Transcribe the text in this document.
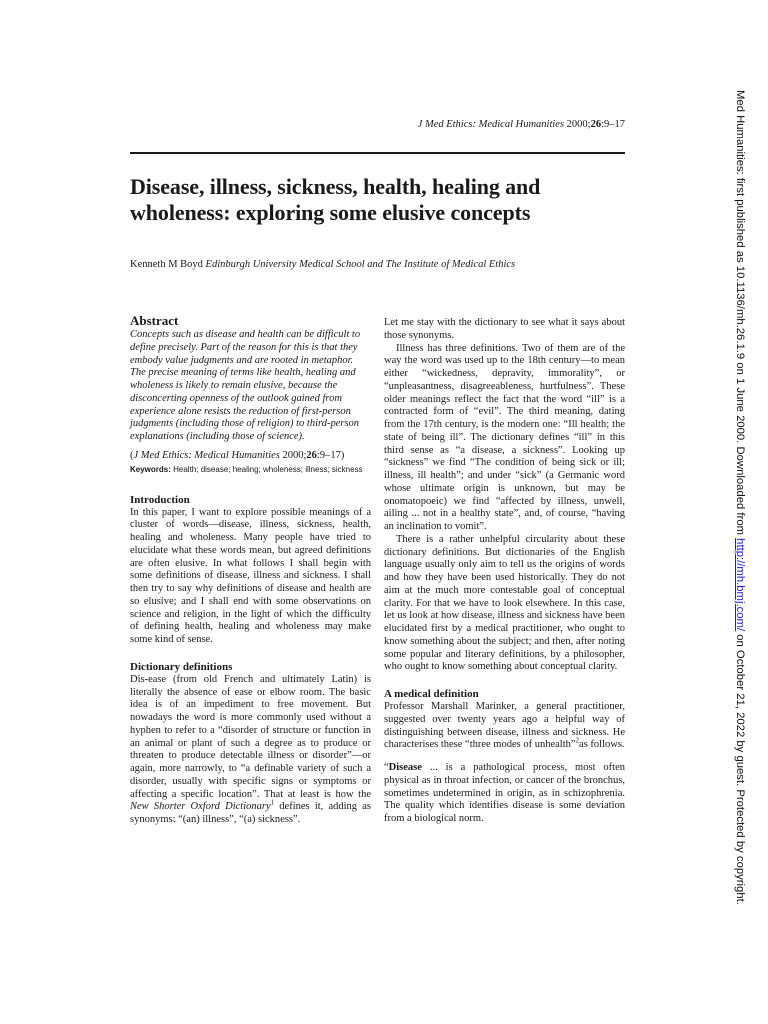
J Med Ethics: Medical Humanities 2000;26:9–17
Disease, illness, sickness, health, healing and wholeness: exploring some elusive concepts
Kenneth M Boyd Edinburgh University Medical School and The Institute of Medical Ethics
Abstract

Concepts such as disease and health can be difficult to define precisely. Part of the reason for this is that they embody value judgments and are rooted in metaphor. The precise meaning of terms like health, healing and wholeness is likely to remain elusive, because the disconcerting openness of the outlook gained from experience alone resists the reduction of first-person judgments (including those of religion) to third-person explanations (including those of science).

(J Med Ethics: Medical Humanities 2000;26:9–17)

Keywords: Health; disease; healing; wholeness; illness; sickness

Introduction

In this paper, I want to explore possible meanings of a cluster of words—disease, illness, sickness, health, healing and wholeness. Many people have tried to elucidate what these words mean, but agreed definitions are often elusive. In what follows I shall begin with some definitions of disease, illness and sickness. I shall then try to say why definitions of disease and health are so elusive; and I shall end with some observations on science and religion, in the light of which the difficulty of defining health, healing and wholeness may make some kind of sense.

Dictionary definitions

Dis-ease (from old French and ultimately Latin) is literally the absence of ease or elbow room. The basic idea is of an impediment to free movement. But nowadays the word is more commonly used without a hyphen to refer to a “disorder of structure or function in an animal or plant of such a degree as to produce or threaten to produce detectable illness or disorder”—or again, more narrowly, to “a definable variety of such a disorder, usually with specific signs or symptoms or affecting a specific location”. That at least is how the New Shorter Oxford Dictionary$^1$ defines it, adding as synonyms: “(an) illness”, “(a) sickness”.

Let me stay with the dictionary to see what it says about those synonyms.

Illness has three definitions. Two of them are of the way the word was used up to the 18th century—to mean either “wickedness, depravity, immorality”, or “unpleasantness, disagreeableness, hurtfulness”. These older meanings reflect the fact that the word “ill” is a contracted form of “evil”. The third meaning, dating from the 17th century, is the modern one: “Ill health; the state of being ill”. The dictionary defines “ill” in this third sense as “a disease, a sickness”. Looking up “sickness” we find “The condition of being sick or ill; illness, ill health”; and under “sick” (a Germanic word whose ultimate origin is unknown, but may be onomatopoeic) we find “affected by illness, unwell, ailing ... not in a healthy state”, and, of course, “having an inclination to vomit”.

There is a rather unhelpful circularity about these dictionary definitions. But dictionaries of the English language usually only aim to tell us the origins of words and how they have been used historically. They do not aim at the much more contestable goal of conceptual clarity. For that we have to look elsewhere. In this case, let us look at how disease, illness and sickness have been elucidated first by a medical practitioner, who ought to know something about the subject; and then, after noting some popular and literary definitions, by a philosopher, who ought to know something about conceptual clarity.

A medical definition

Professor Marshall Marinker, a general practitioner, suggested over twenty years ago a helpful way of distinguishing between disease, illness and sickness. He characterises these “three modes of unhealth”$^2$as follows.

“Disease ... is a pathological process, most often physical as in throat infection, or cancer of the bronchus, sometimes undetermined in origin, as in schizophrenia. The quality which identifies disease is some deviation from a biological norm.

Med Humanities: first published as 10.1136/mh.26.1.9 on 1 June 2000. Downloaded from http://mh.bmj.com/ on October 21, 2022 by guest. Protected by copyright.
